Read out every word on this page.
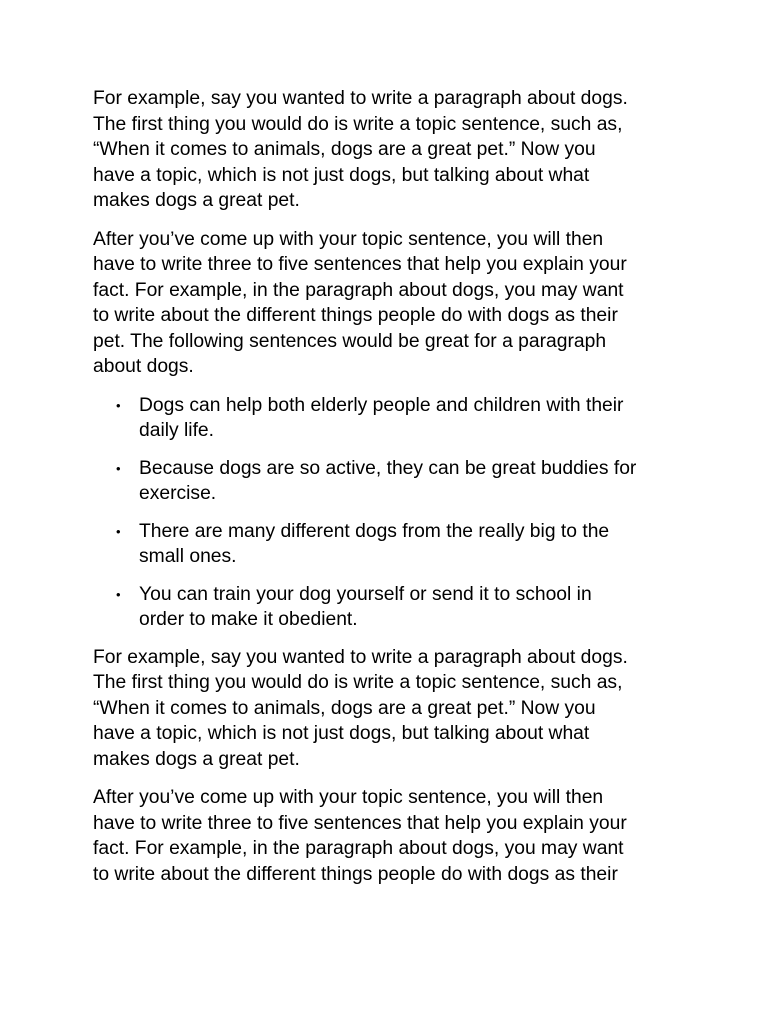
For example, say you wanted to write a paragraph about dogs.
The first thing you would do is write a topic sentence, such as,
“When it comes to animals, dogs are a great pet.” Now you
have a topic, which is not just dogs, but talking about what
makes dogs a great pet.

After you’ve come up with your topic sentence, you will then
have to write three to five sentences that help you explain your
fact. For example, in the paragraph about dogs, you may want
to write about the different things people do with dogs as their
pet. The following sentences would be great for a paragraph
about dogs.

• Dogs can help both elderly people and children with their
daily life.
• Because dogs are so active, they can be great buddies for
exercise.
• There are many different dogs from the really big to the
small ones.
• You can train your dog yourself or send it to school in
order to make it obedient.

For example, say you wanted to write a paragraph about dogs.
The first thing you would do is write a topic sentence, such as,
“When it comes to animals, dogs are a great pet.” Now you
have a topic, which is not just dogs, but talking about what
makes dogs a great pet.

After you’ve come up with your topic sentence, you will then
have to write three to five sentences that help you explain your
fact. For example, in the paragraph about dogs, you may want
to write about the different things people do with dogs as their
